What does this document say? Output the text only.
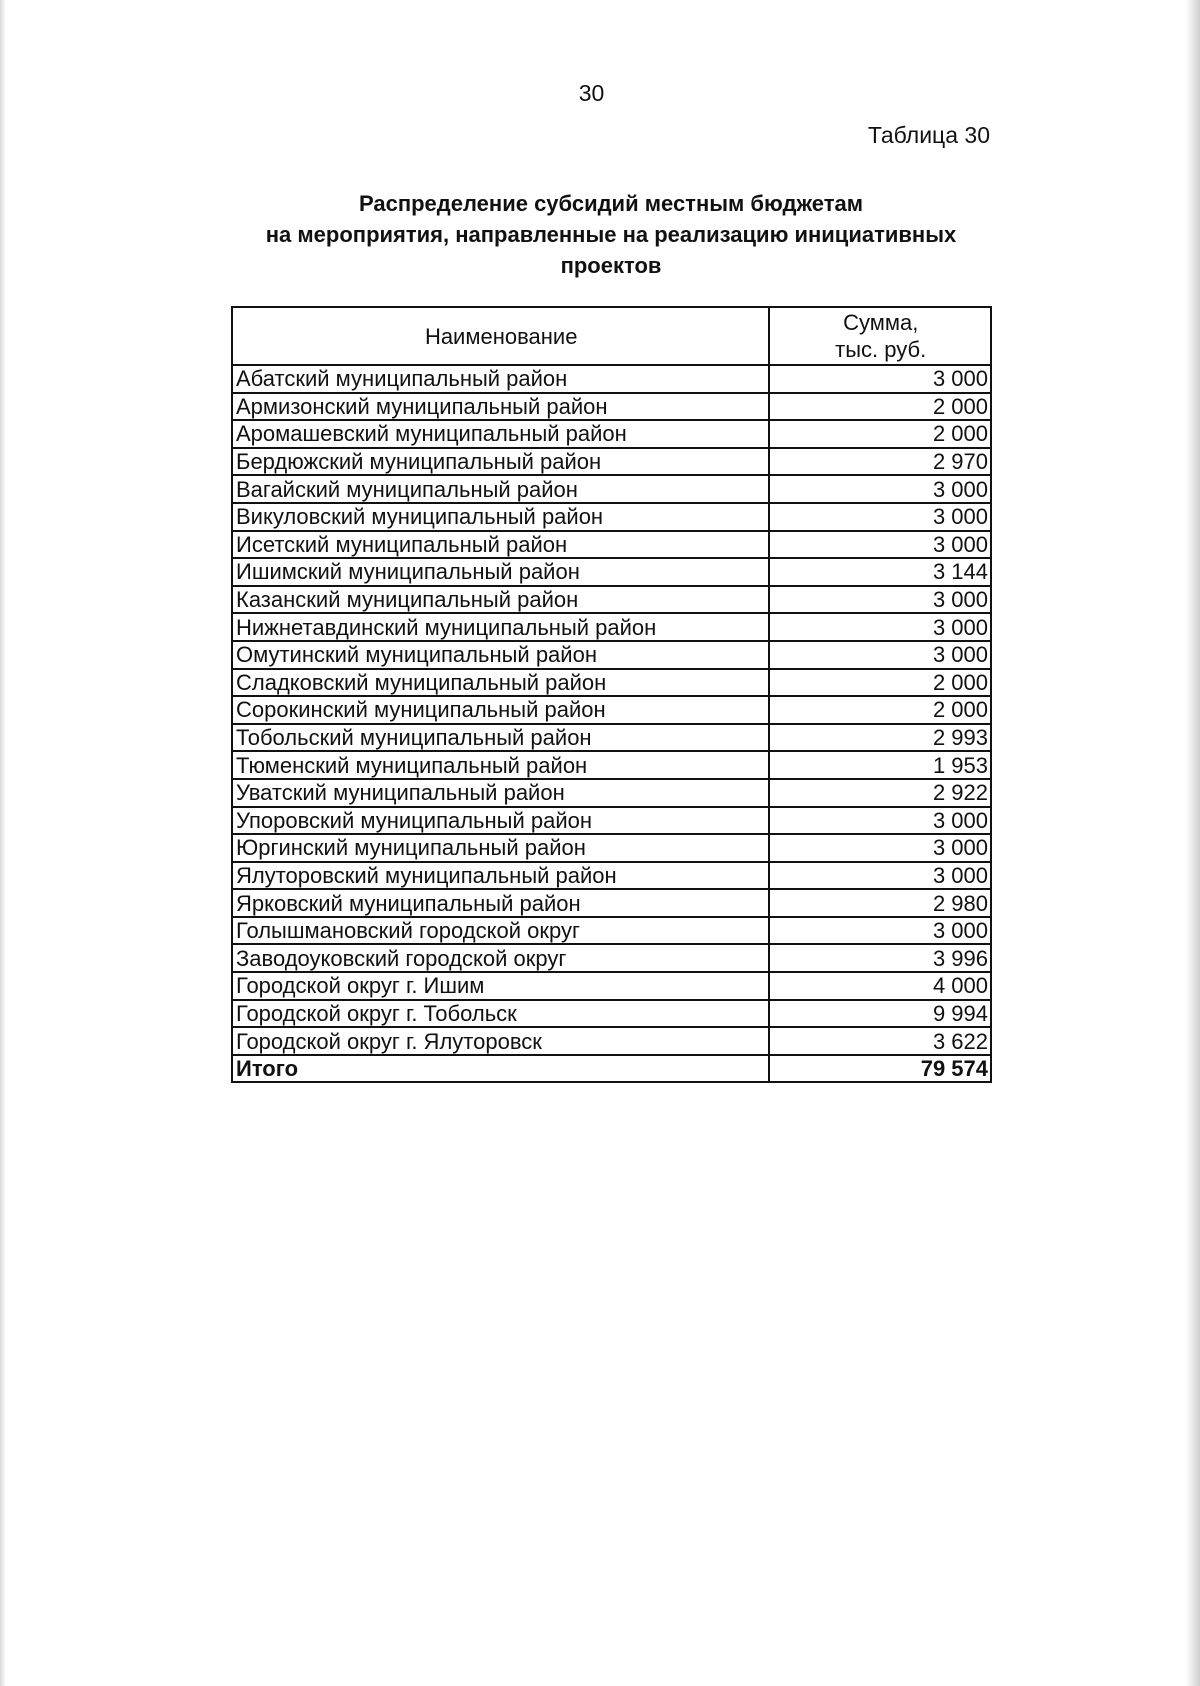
30
Таблица 30
Распределение субсидий местным бюджетам
на мероприятия, направленные на реализацию инициативных
проектов
Наименование	Сумма,
тыс. руб.
Абатский муниципальный район	3 000
Армизонский муниципальный район	2 000
Аромашевский муниципальный район	2 000
Бердюжский муниципальный район	2 970
Вагайский муниципальный район	3 000
Викуловский муниципальный район	3 000
Исетский муниципальный район	3 000
Ишимский муниципальный район	3 144
Казанский муниципальный район	3 000
Нижнетавдинский муниципальный район	3 000
Омутинский муниципальный район	3 000
Сладковский муниципальный район	2 000
Сорокинский муниципальный район	2 000
Тобольский муниципальный район	2 993
Тюменский муниципальный район	1 953
Уватский муниципальный район	2 922
Упоровский муниципальный район	3 000
Юргинский муниципальный район	3 000
Ялуторовский муниципальный район	3 000
Ярковский муниципальный район	2 980
Голышмановский городской округ	3 000
Заводоуковский городской округ	3 996
Городской округ г. Ишим	4 000
Городской округ г. Тобольск	9 994
Городской округ г. Ялуторовск	3 622
Итого	79 574
